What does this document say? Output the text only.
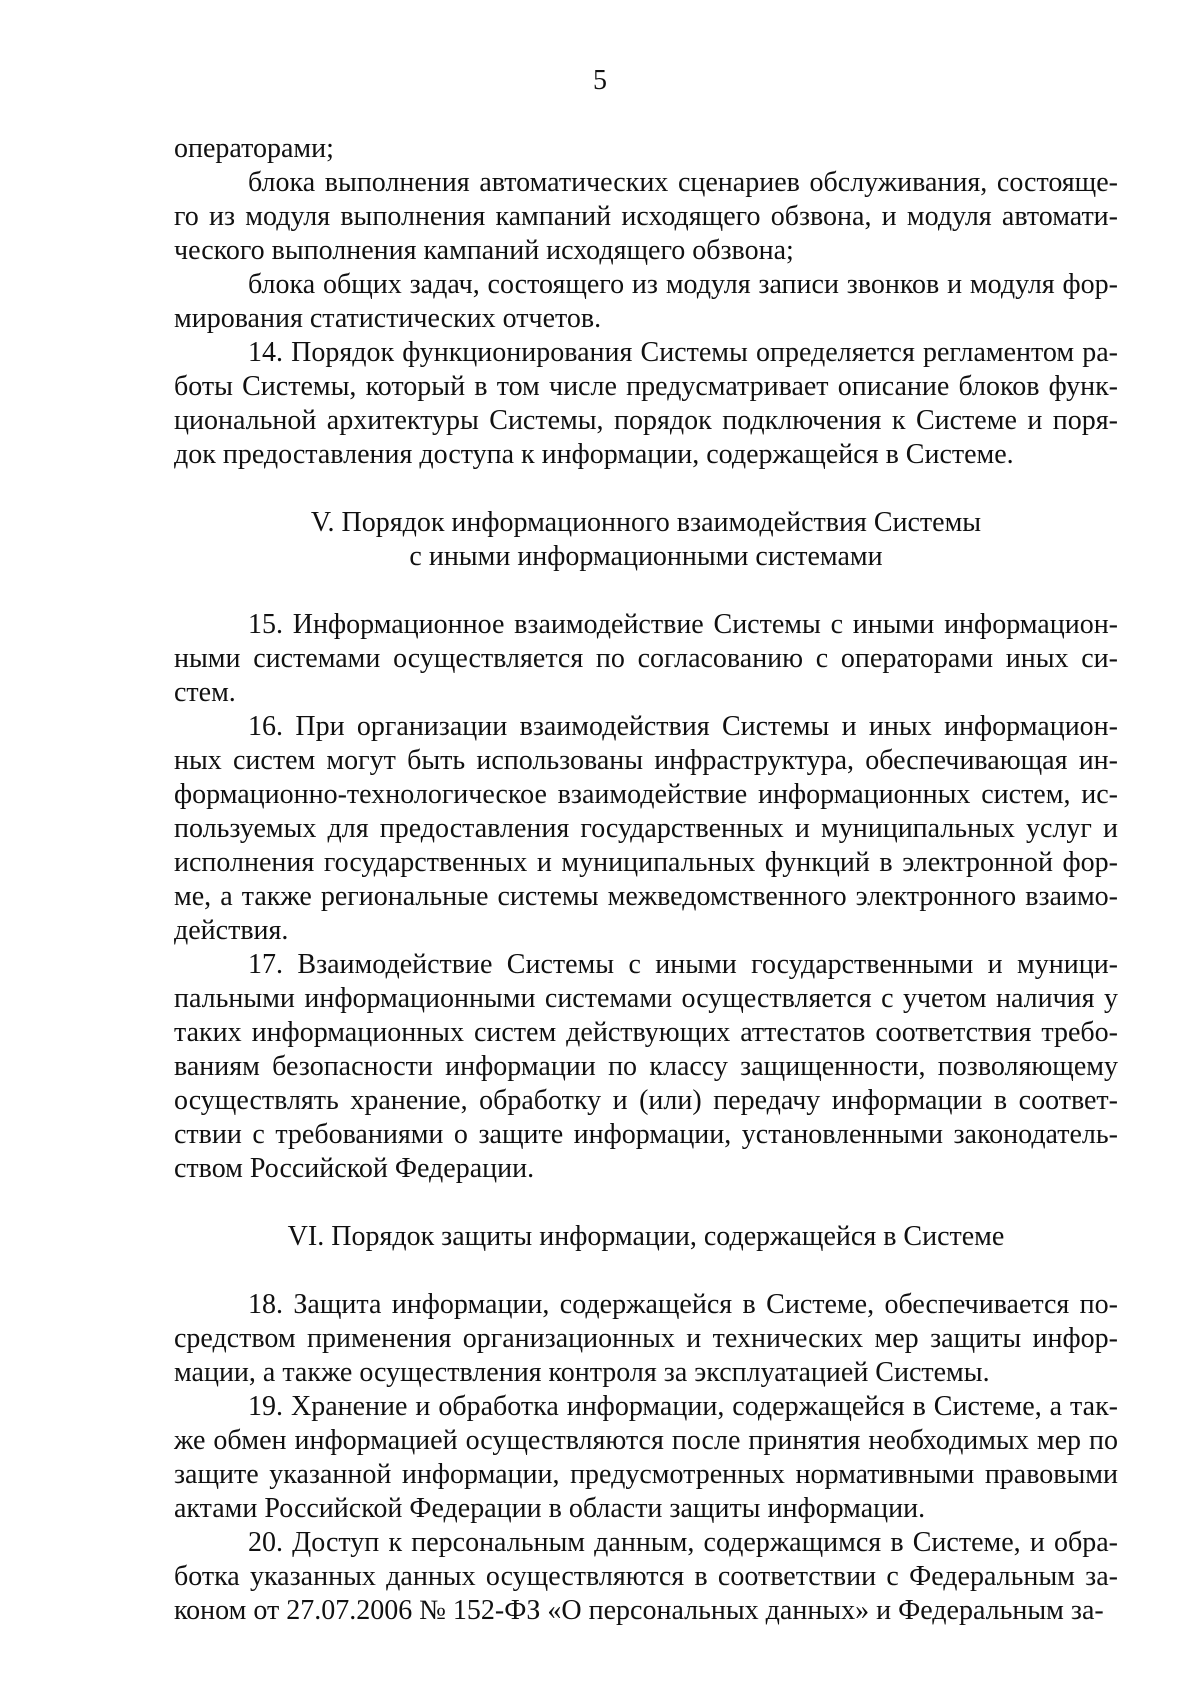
5

операторами;

блока выполнения автоматических сценариев обслуживания, состоящего из модуля выполнения кампаний исходящего обзвона, и модуля автоматического выполнения кампаний исходящего обзвона;

блока общих задач, состоящего из модуля записи звонков и модуля формирования статистических отчетов.

14. Порядок функционирования Системы определяется регламентом работы Системы, который в том числе предусматривает описание блоков функциональной архитектуры Системы, порядок подключения к Системе и порядок предоставления доступа к информации, содержащейся в Системе.

V. Порядок информационного взаимодействия Системы
с иными информационными системами

15. Информационное взаимодействие Системы с иными информационными системами осуществляется по согласованию с операторами иных систем.

16. При организации взаимодействия Системы и иных информационных систем могут быть использованы инфраструктура, обеспечивающая информационно-технологическое взаимодействие информационных систем, используемых для предоставления государственных и муниципальных услуг и исполнения государственных и муниципальных функций в электронной форме, а также региональные системы межведомственного электронного взаимодействия.

17. Взаимодействие Системы с иными государственными и муниципальными информационными системами осуществляется с учетом наличия у таких информационных систем действующих аттестатов соответствия требованиям безопасности информации по классу защищенности, позволяющему осуществлять хранение, обработку и (или) передачу информации в соответствии с требованиями о защите информации, установленными законодательством Российской Федерации.

VI. Порядок защиты информации, содержащейся в Системе

18. Защита информации, содержащейся в Системе, обеспечивается посредством применения организационных и технических мер защиты информации, а также осуществления контроля за эксплуатацией Системы.

19. Хранение и обработка информации, содержащейся в Системе, а также обмен информацией осуществляются после принятия необходимых мер по защите указанной информации, предусмотренных нормативными правовыми актами Российской Федерации в области защиты информации.

20. Доступ к персональным данным, содержащимся в Системе, и обработка указанных данных осуществляются в соответствии с Федеральным законом от 27.07.2006 № 152-ФЗ «О персональных данных» и Федеральным за-
